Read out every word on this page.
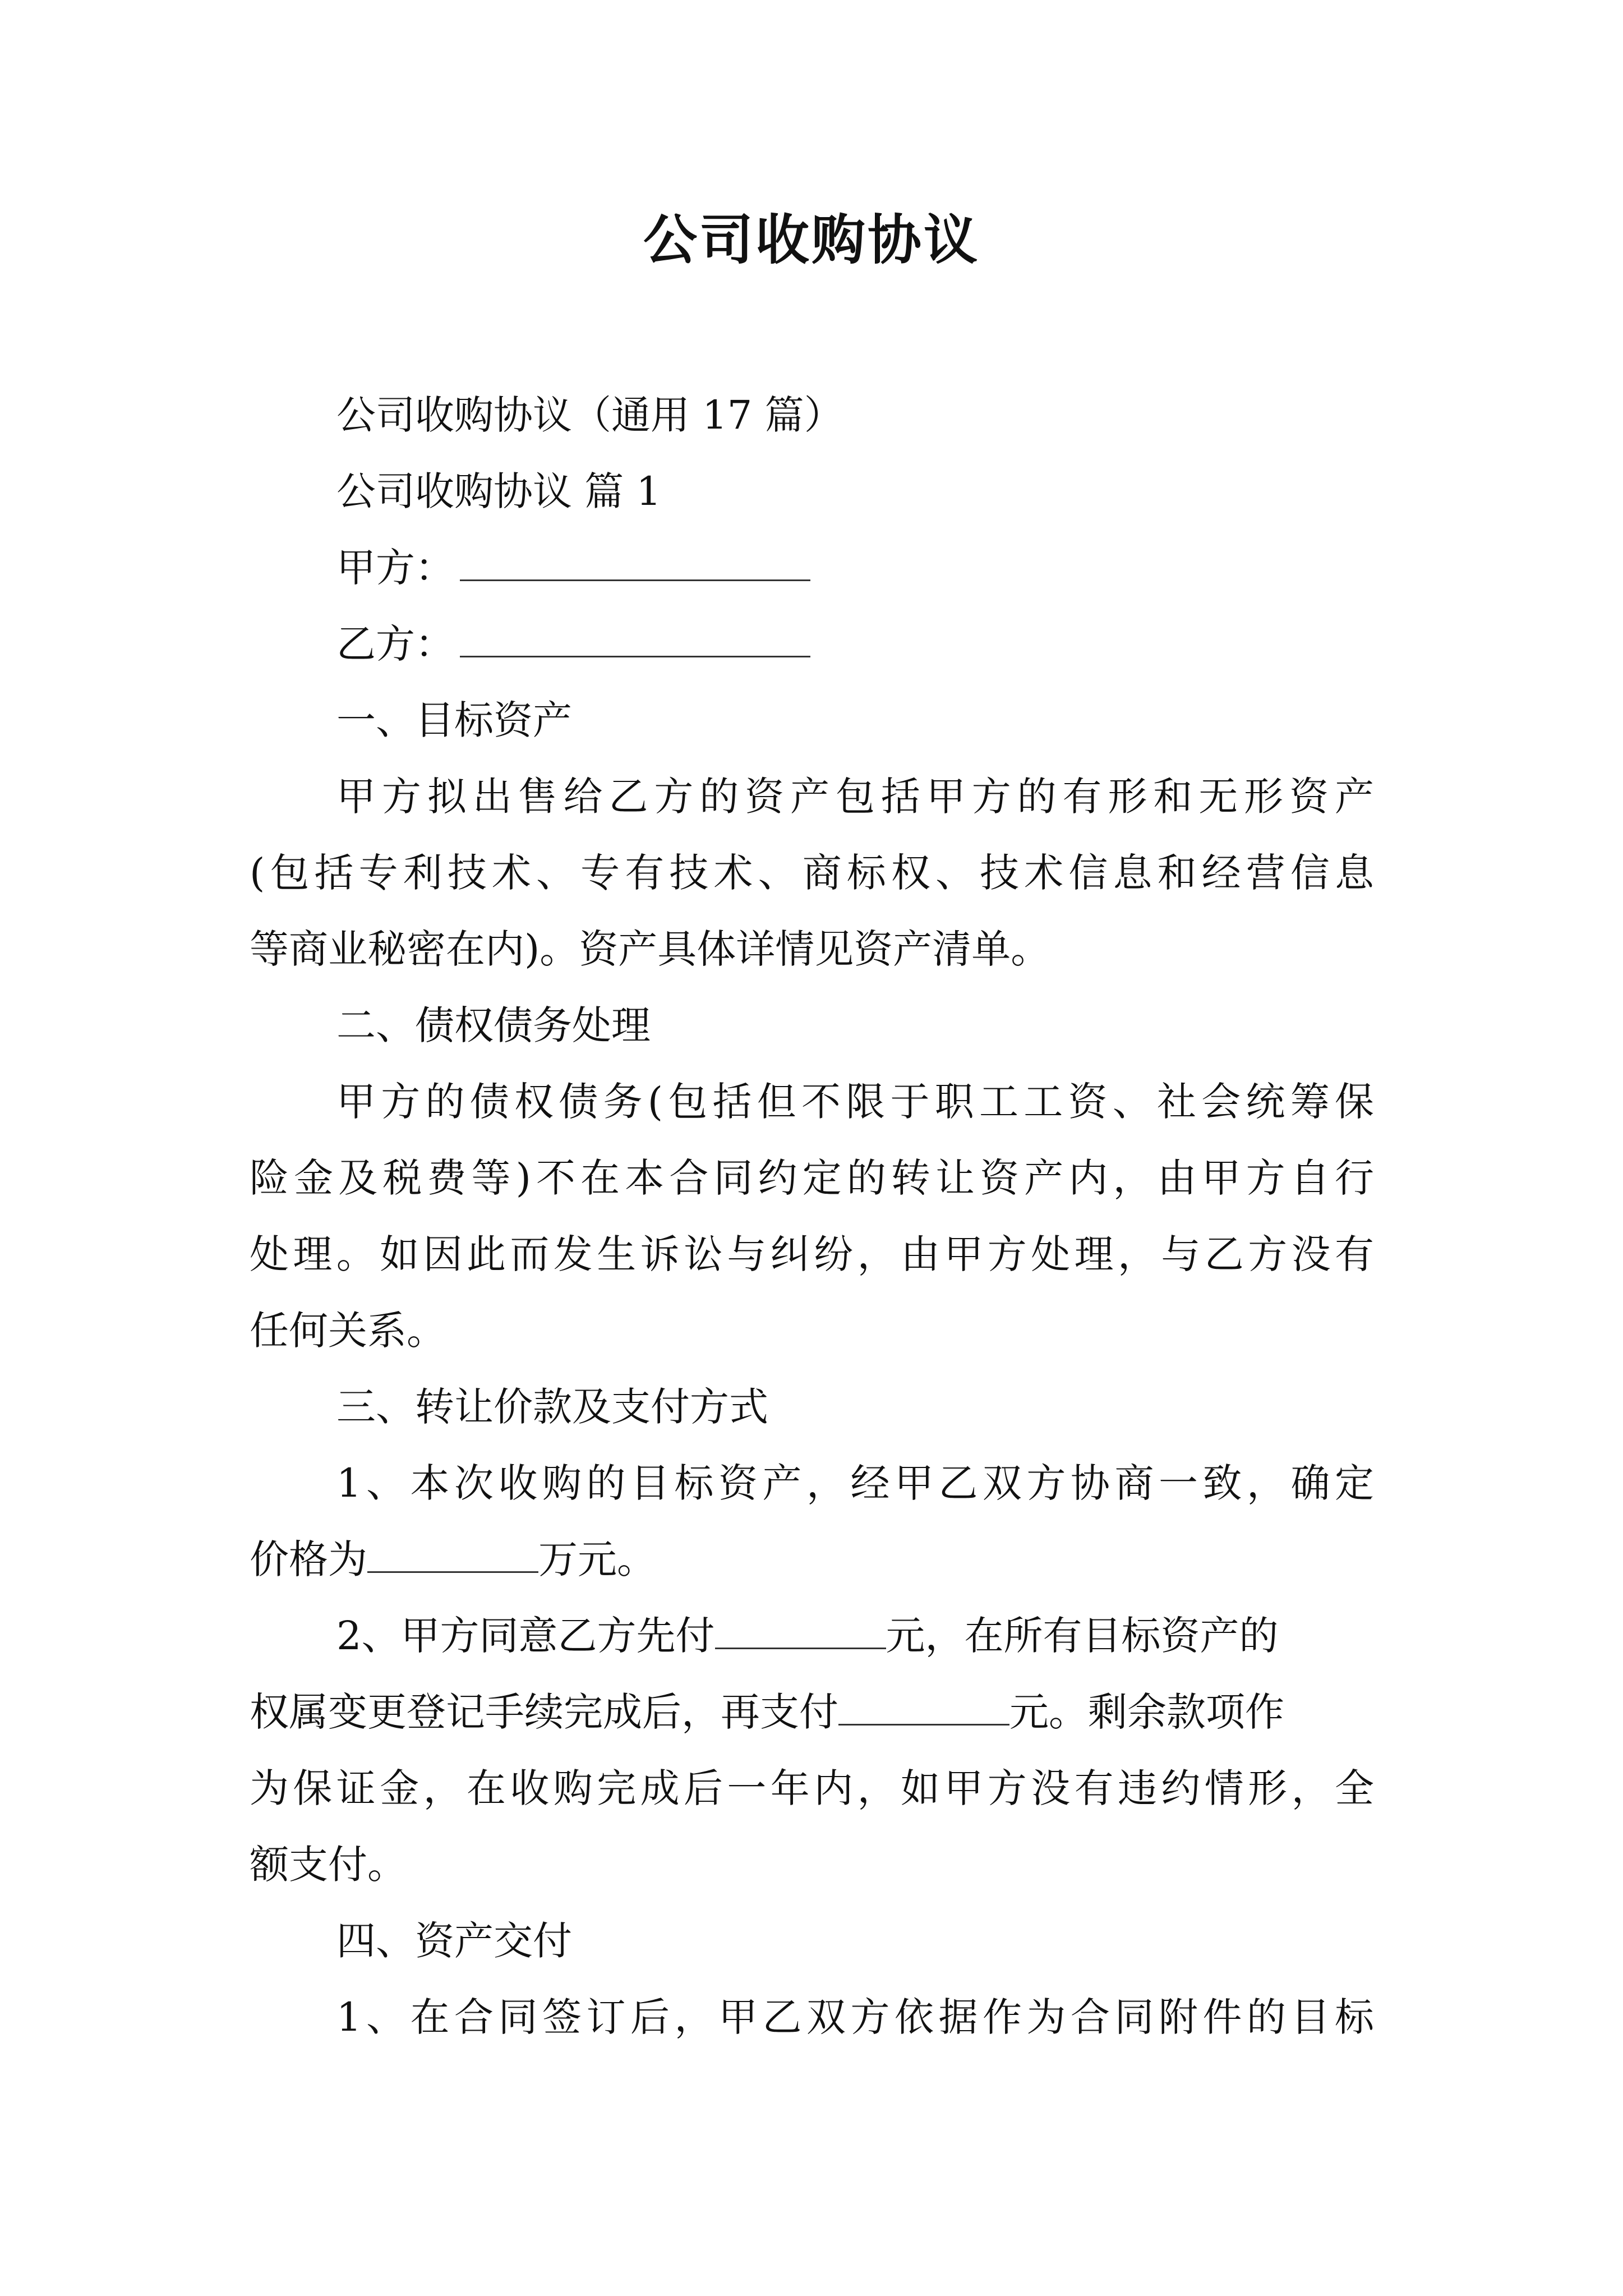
公司收购协议
公司收购协议（通用 17 篇）
公司收购协议 篇 1
甲方：
乙方：
一、目标资产
甲方拟出售给乙方的资产包括甲方的有形和无形资产
(包括专利技术、专有技术、商标权、技术信息和经营信息
等商业秘密在内)。资产具体详情见资产清单。
二、债权债务处理
甲方的债权债务(包括但不限于职工工资、社会统筹保
险金及税费等)不在本合同约定的转让资产内，由甲方自行
处理。如因此而发生诉讼与纠纷，由甲方处理，与乙方没有
任何关系。
三、转让价款及支付方式
1、本次收购的目标资产，经甲乙双方协商一致，确定
价格为	万元。
2、甲方同意乙方先付	元，在所有目标资产的
权属变更登记手续完成后，再支付	元。剩余款项作
为保证金，在收购完成后一年内，如甲方没有违约情形，全
额支付。
四、资产交付
1、在合同签订后，甲乙双方依据作为合同附件的目标
